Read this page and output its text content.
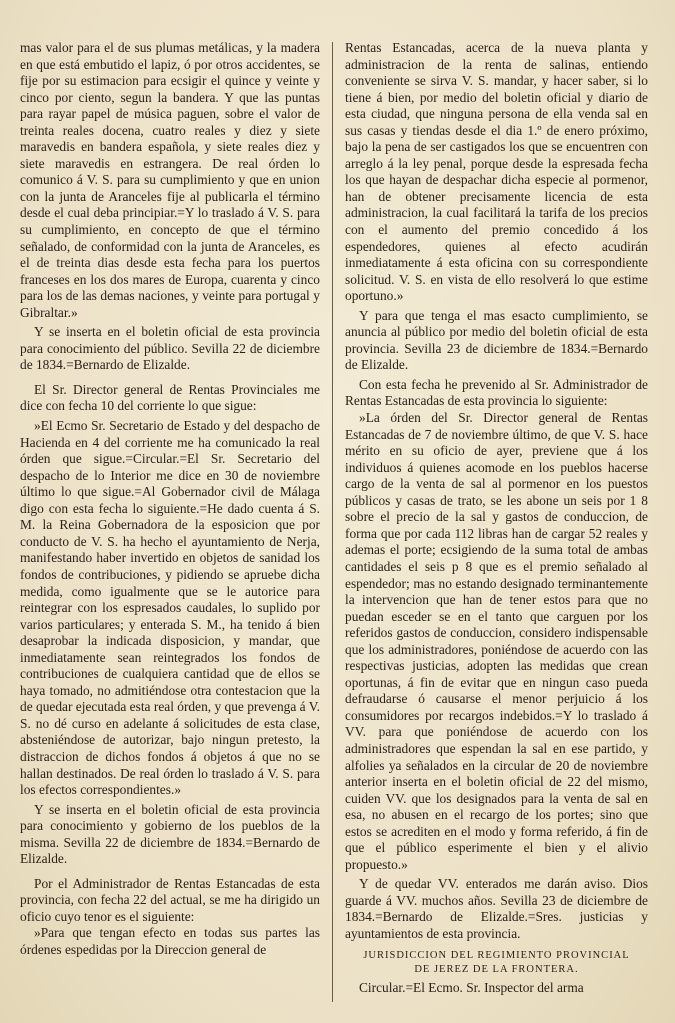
mas valor para el de sus plumas metálicas, y la madera en que está embutido el lapiz, ó por otros accidentes, se fije por su estimacion para ecsigir el quince y veinte y cinco por ciento, segun la bandera. Y que las puntas para rayar papel de música paguen, sobre el valor de treinta reales docena, cuatro reales y diez y siete maravedis en bandera española, y siete reales diez y siete maravedis en estrangera. De real órden lo comunico á V. S. para su cumplimiento y que en union con la junta de Aranceles fije al publicarla el término desde el cual deba principiar.=Y lo traslado á V. S. para su cumplimiento, en concepto de que el término señalado, de conformidad con la junta de Aranceles, es el de treinta dias desde esta fecha para los puertos franceses en los dos mares de Europa, cuarenta y cinco para los de las demas naciones, y veinte para portugal y Gibraltar.»

Y se inserta en el boletin oficial de esta provincia para conocimiento del público. Sevilla 22 de diciembre de 1834.=Bernardo de Elizalde.

El Sr. Director general de Rentas Provinciales me dice con fecha 10 del corriente lo que sigue:

»El Ecmo Sr. Secretario de Estado y del despacho de Hacienda en 4 del corriente me ha comunicado la real órden que sigue.=Circular.=El Sr. Secretario del despacho de lo Interior me dice en 30 de noviembre último lo que sigue.=Al Gobernador civil de Málaga digo con esta fecha lo siguiente.=He dado cuenta á S. M. la Reina Gobernadora de la esposicion que por conducto de V. S. ha hecho el ayuntamiento de Nerja, manifestando haber invertido en objetos de sanidad los fondos de contribuciones, y pidiendo se apruebe dicha medida, como igualmente que se le autorice para reintegrar con los espresados caudales, lo suplido por varios particulares; y enterada S. M., ha tenido á bien desaprobar la indicada disposicion, y mandar, que inmediatamente sean reintegrados los fondos de contribuciones de cualquiera cantidad que de ellos se haya tomado, no admitiéndose otra contestacion que la de quedar ejecutada esta real órden, y que prevenga á V. S. no dé curso en adelante á solicitudes de esta clase, absteniéndose de autorizar, bajo ningun pretesto, la distraccion de dichos fondos á objetos á que no se hallan destinados. De real órden lo traslado á V. S. para los efectos correspondientes.»

Y se inserta en el boletin oficial de esta provincia para conocimiento y gobierno de los pueblos de la misma. Sevilla 22 de diciembre de 1834.=Bernardo de Elizalde.

Por el Administrador de Rentas Estancadas de esta provincia, con fecha 22 del actual, se me ha dirigido un oficio cuyo tenor es el siguiente:

»Para que tengan efecto en todas sus partes las órdenes espedidas por la Direccion general de

Rentas Estancadas, acerca de la nueva planta y administracion de la renta de salinas, entiendo conveniente se sirva V. S. mandar, y hacer saber, si lo tiene á bien, por medio del boletin oficial y diario de esta ciudad, que ninguna persona de ella venda sal en sus casas y tiendas desde el dia 1.º de enero próximo, bajo la pena de ser castigados los que se encuentren con arreglo á la ley penal, porque desde la espresada fecha los que hayan de despachar dicha especie al pormenor, han de obtener precisamente licencia de esta administracion, la cual facilitará la tarifa de los precios con el aumento del premio concedido á los espendedores, quienes al efecto acudirán inmediatamente á esta oficina con su correspondiente solicitud. V. S. en vista de ello resolverá lo que estime oportuno.»

Y para que tenga el mas esacto cumplimiento, se anuncia al público por medio del boletin oficial de esta provincia. Sevilla 23 de diciembre de 1834.=Bernardo de Elizalde.

Con esta fecha he prevenido al Sr. Administrador de Rentas Estancadas de esta provincia lo siguiente:

»La órden del Sr. Director general de Rentas Estancadas de 7 de noviembre último, de que V. S. hace mérito en su oficio de ayer, previene que á los individuos á quienes acomode en los pueblos hacerse cargo de la venta de sal al pormenor en los puestos públicos y casas de trato, se les abone un seis por 1 8 sobre el precio de la sal y gastos de conduccion, de forma que por cada 112 libras han de cargar 52 reales y ademas el porte; ecsigiendo de la suma total de ambas cantidades el seis p 8 que es el premio señalado al espendedor; mas no estando designado terminantemente la intervencion que han de tener estos para que no puedan esceder se en el tanto que carguen por los referidos gastos de conduccion, considero indispensable que los administradores, poniéndose de acuerdo con las respectivas justicias, adopten las medidas que crean oportunas, á fin de evitar que en ningun caso pueda defraudarse ó causarse el menor perjuicio á los consumidores por recargos indebidos.=Y lo traslado á VV. para que poniéndose de acuerdo con los administradores que espendan la sal en ese partido, y alfolies ya señalados en la circular de 20 de noviembre anterior inserta en el boletin oficial de 22 del mismo, cuiden VV. que los designados para la venta de sal en esa, no abusen en el recargo de los portes; sino que estos se acrediten en el modo y forma referido, á fin de que el público esperimente el bien y el alivio propuesto.»

Y de quedar VV. enterados me darán aviso. Dios guarde á VV. muchos años. Sevilla 23 de diciembre de 1834.=Bernardo de Elizalde.=Sres. justicias y ayuntamientos de esta provincia.

JURISDICCION DEL REGIMIENTO PROVINCIAL
DE JEREZ DE LA FRONTERA.

Circular.=El Ecmo. Sr. Inspector del arma
